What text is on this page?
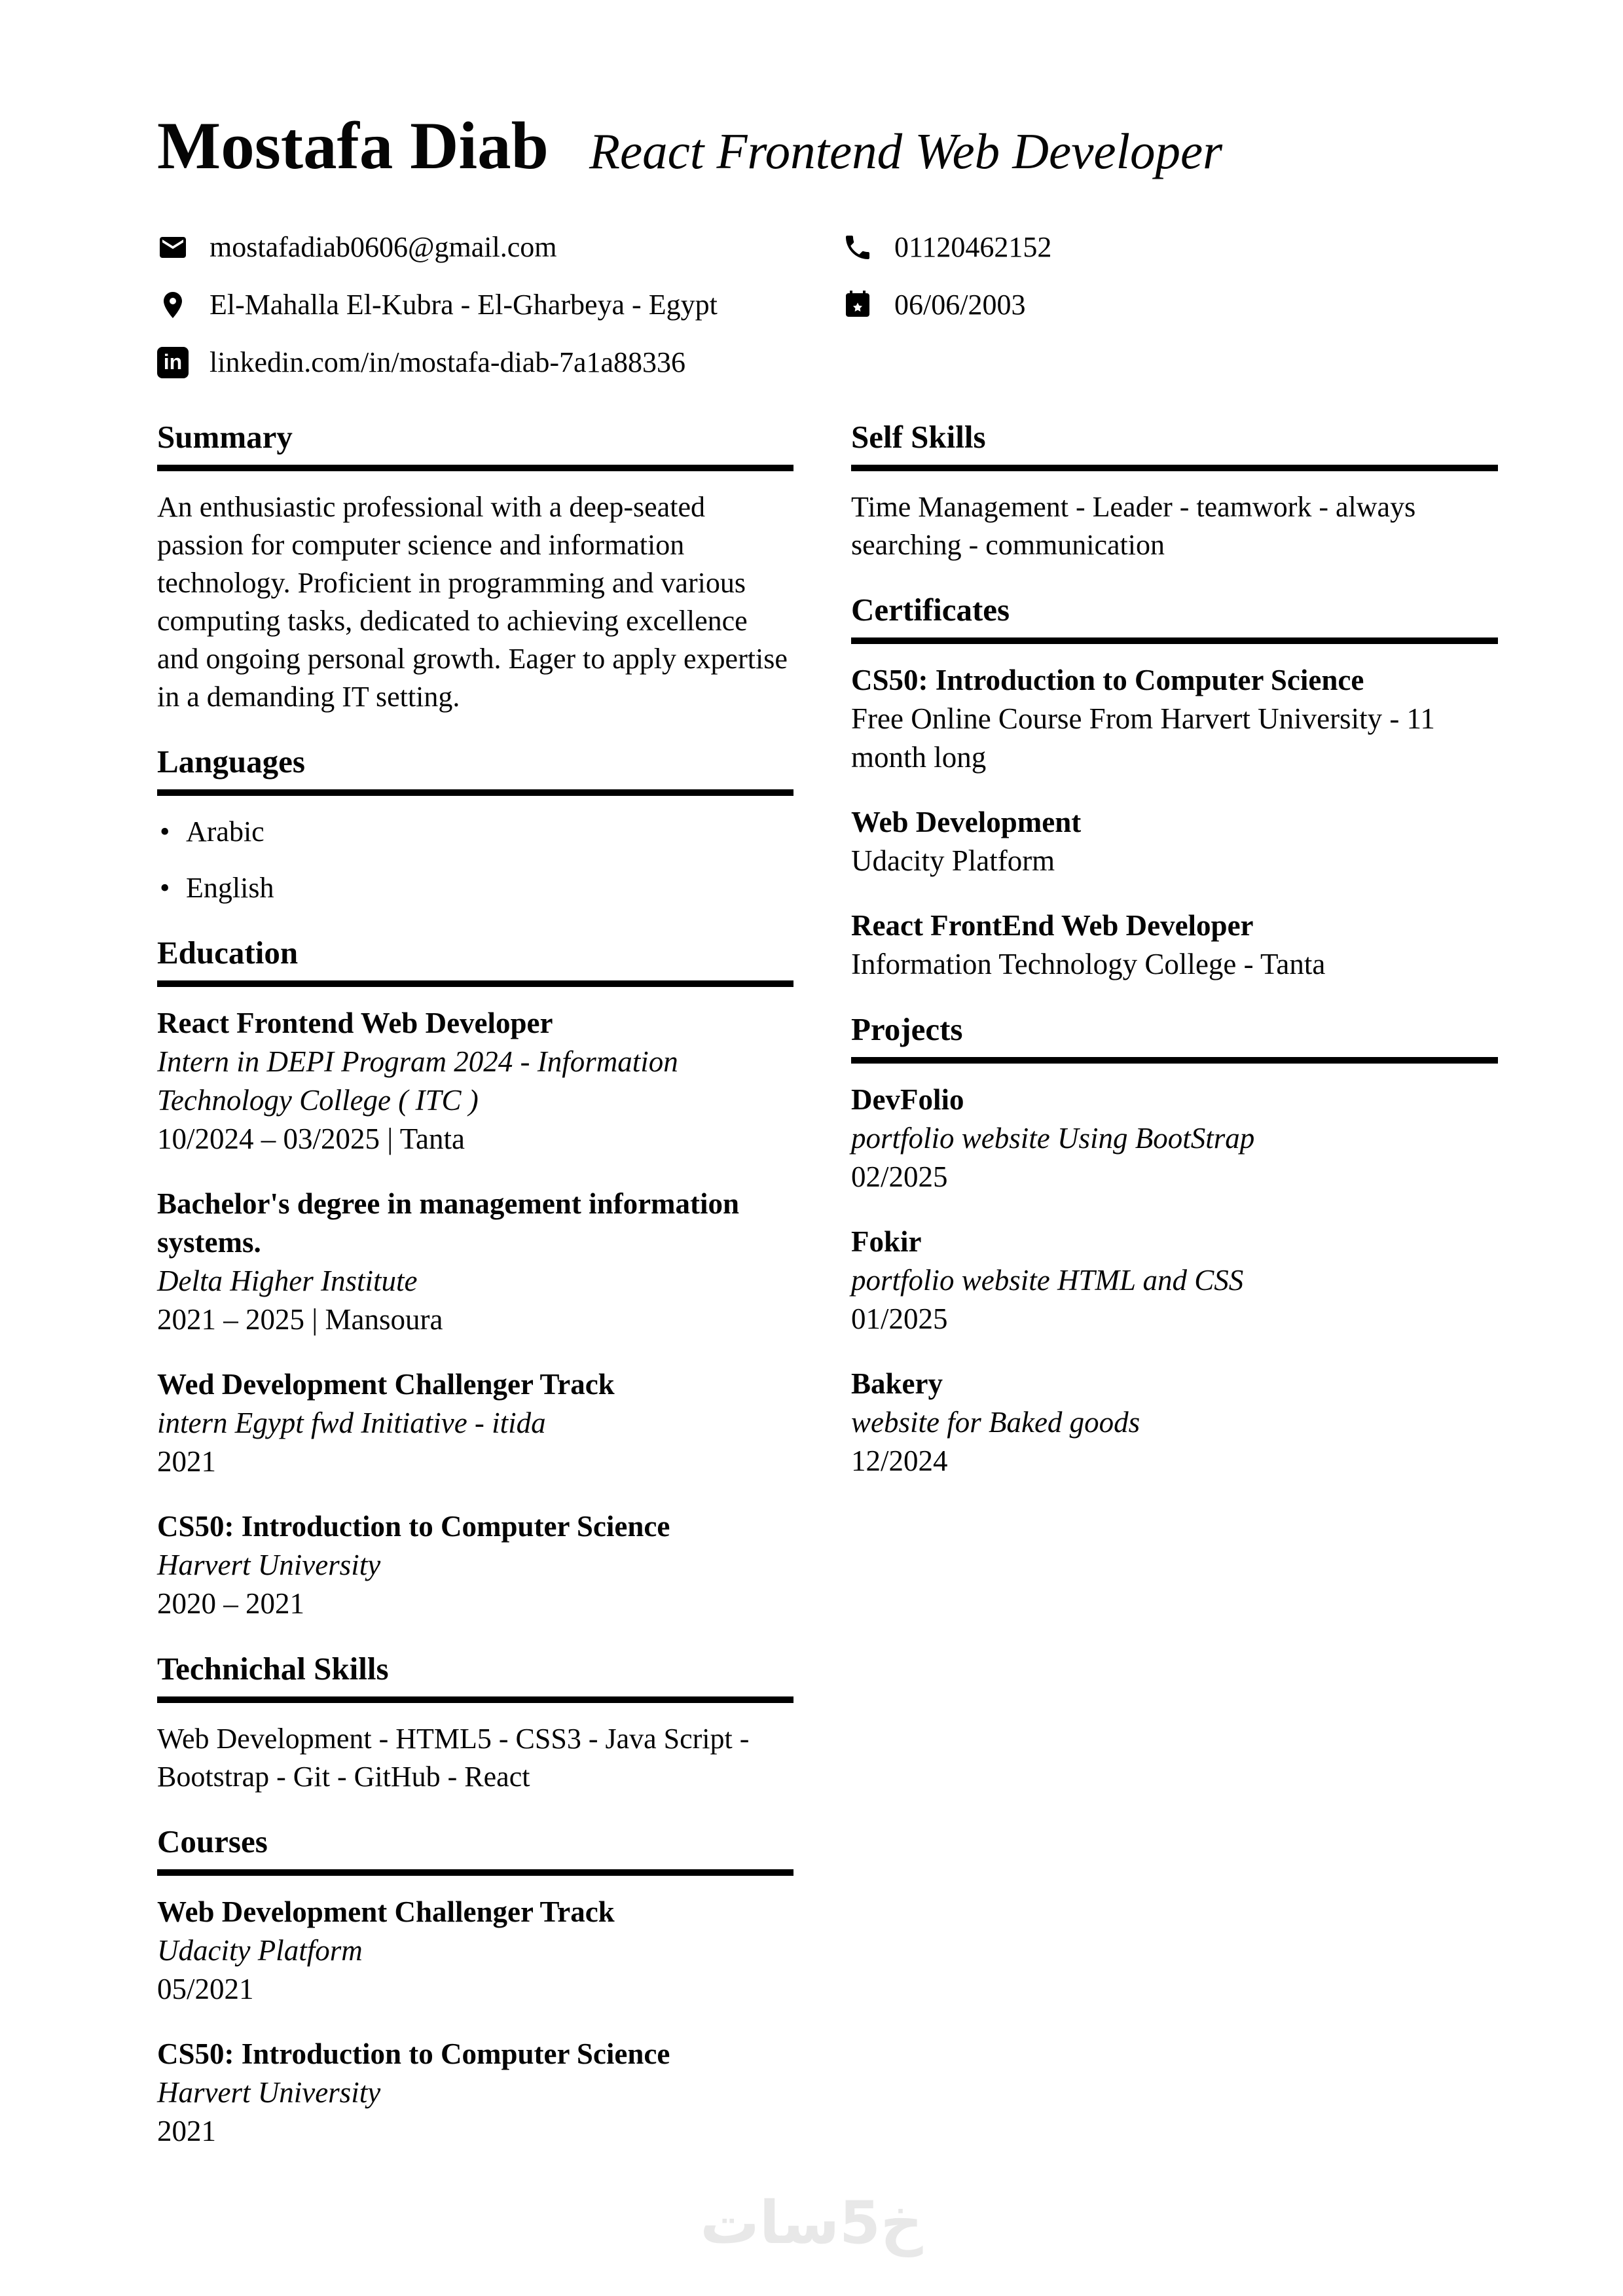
Mostafa Diab React Frontend Web Developer
mostafadiab0606@gmail.com
El-Mahalla El-Kubra - El-Gharbeya - Egypt
in linkedin.com/in/mostafa-diab-7a1a88336
01120462152
06/06/2003
Summary

An enthusiastic professional with a deep-seated passion for computer science and information technology. Proficient in programming and various computing tasks, dedicated to achieving excellence and ongoing personal growth. Eager to apply expertise in a demanding IT setting.

Languages
• Arabic
• English
Education
React Frontend Web Developer
Intern in DEPI Program 2024 - Information Technology College ( ITC )
10/2024 – 03/2025 | Tanta
Bachelor's degree in management information systems.
Delta Higher Institute
2021 – 2025 | Mansoura
Wed Development Challenger Track
intern Egypt fwd Initiative - itida
2021
CS50: Introduction to Computer Science
Harvert University
2020 – 2021
Technichal Skills

Web Development - HTML5 - CSS3 - Java Script - Bootstrap - Git - GitHub - React

Courses
Web Development Challenger Track
Udacity Platform
05/2021
CS50: Introduction to Computer Science
Harvert University
2021
Self Skills

Time Management - Leader - teamwork - always searching - communication

Certificates
CS50: Introduction to Computer Science
Free Online Course From Harvert University - 11 month long
Web Development
Udacity Platform
React FrontEnd Web Developer
Information Technology College - Tanta
Projects
DevFolio
portfolio website Using BootStrap
02/2025
Fokir
portfolio website HTML and CSS
01/2025
Bakery
website for Baked goods
12/2024
خ5سات
